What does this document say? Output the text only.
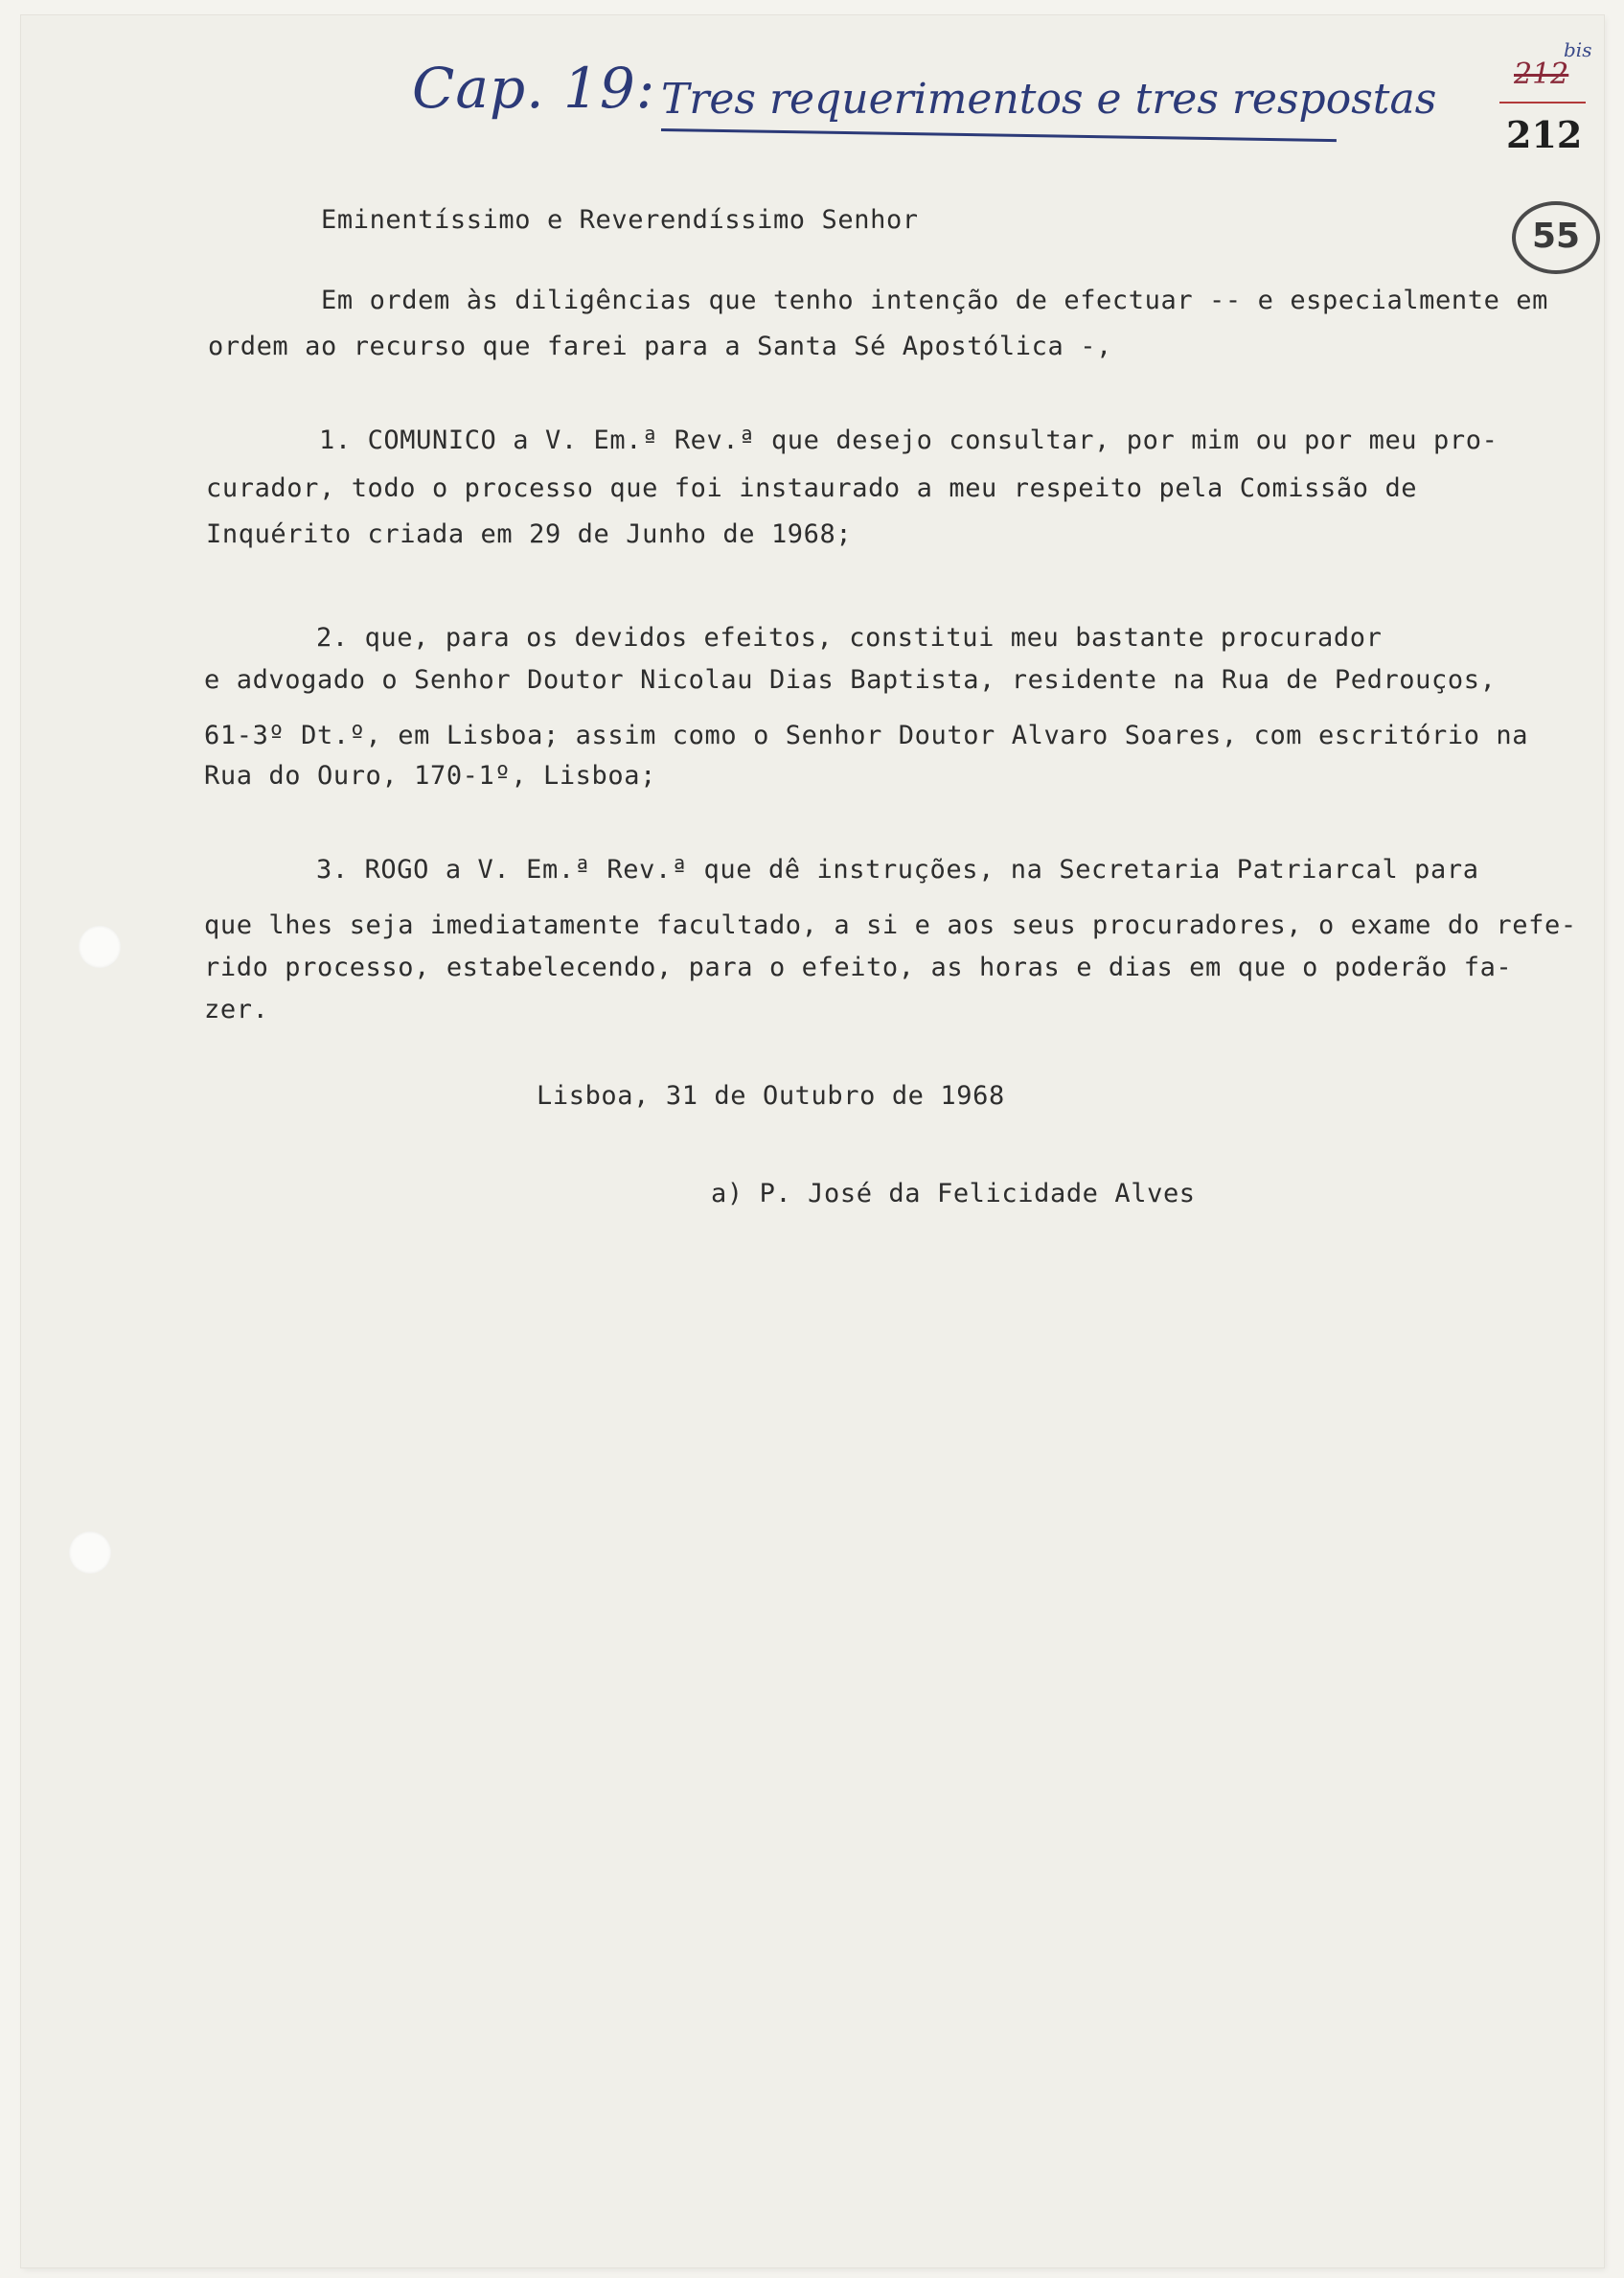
Cap. 19: Tres requerimentos e tres respostas
212
bis
212
55
Eminentíssimo e Reverendíssimo Senhor
Em ordem às diligências que tenho intenção de efectuar -- e especialmente em
ordem ao recurso que farei para a Santa Sé Apostólica -,
1. COMUNICO a V. Em.ª Rev.ª que desejo consultar, por mim ou por meu pro-
curador, todo o processo que foi instaurado a meu respeito pela Comissão de
Inquérito criada em 29 de Junho de 1968;
2. que, para os devidos efeitos, constitui meu bastante procurador
e advogado o Senhor Doutor Nicolau Dias Baptista, residente na Rua de Pedrouços,
61-3º Dt.º, em Lisboa; assim como o Senhor Doutor Alvaro Soares, com escritório na
Rua do Ouro, 170-1º, Lisboa;
3. ROGO a V. Em.ª Rev.ª que dê instruções, na Secretaria Patriarcal para
que lhes seja imediatamente facultado, a si e aos seus procuradores, o exame do refe-
rido processo, estabelecendo, para o efeito, as horas e dias em que o poderão fa-
zer.
Lisboa, 31 de Outubro de 1968
a) P. José da Felicidade Alves
